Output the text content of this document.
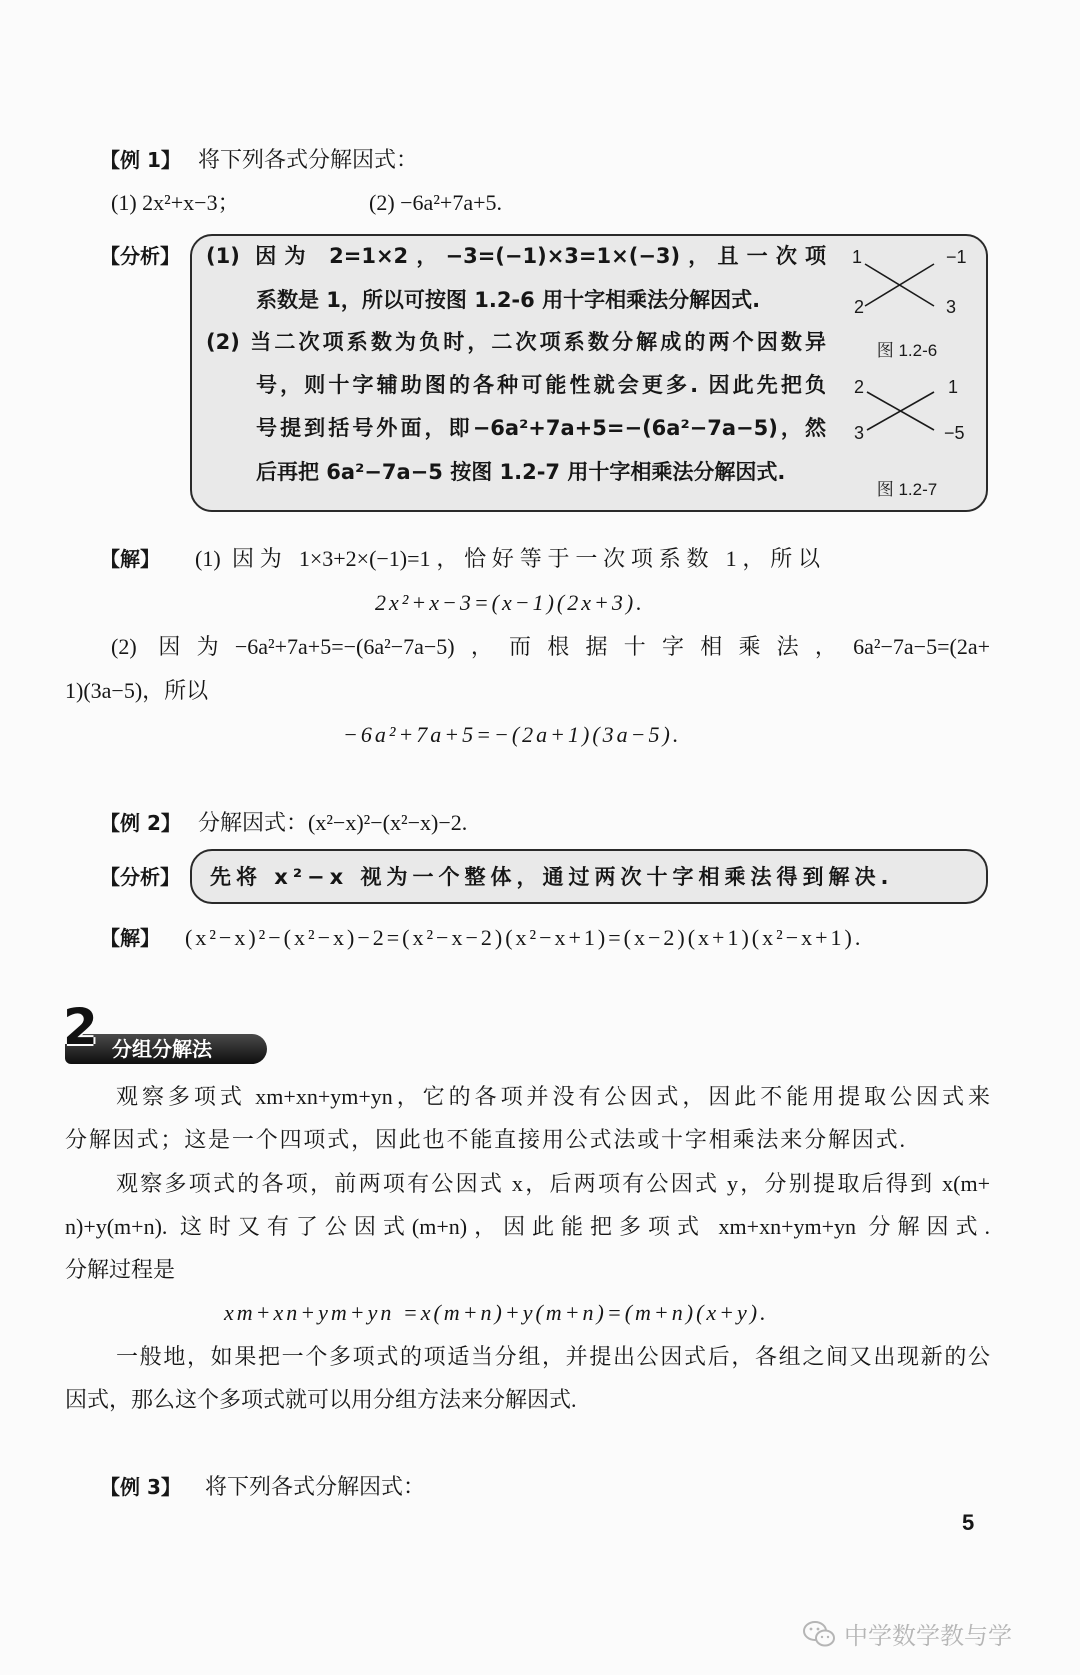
【例 1】 将下列各式分解因式：
(1) 2x²+x−3；	(2) −6a²+7a+5.
【分析】 (1) 因为 2=1×2，−3=(−1)×3=1×(−3)，且一次项
系数是 1，所以可按图 1.2-6 用十字相乘法分解因式.
(2) 当二次项系数为负时，二次项系数分解成的两个因数异
号，则十字辅助图的各种可能性就会更多. 因此先把负
号提到括号外面，即−6a²+7a+5=−(6a²−7a−5)，然
后再把 6a²−7a−5 按图 1.2-7 用十字相乘法分解因式.
1
2
−1
3
图 1.2-6
2
3
1
−5
图 1.2-7
【解】 (1) 因为 1×3+2×(−1)=1，恰好等于一次项系数 1，所以
2x²+x−3=(x−1)(2x+3).
(2) 因为−6a²+7a+5=−(6a²−7a−5)，而根据十字相乘法，6a²−7a−5=(2a+
1)(3a−5)，所以
−6a²+7a+5=−(2a+1)(3a−5).
【例 2】 分解因式：(x²−x)²−(x²−x)−2.
【分析】 先将 x²−x 视为一个整体，通过两次十字相乘法得到解决.
【解】 (x²−x)²−(x²−x)−2=(x²−x−2)(x²−x+1)=(x−2)(x+1)(x²−x+1).
2 分组分解法
观察多项式 xm+xn+ym+yn，它的各项并没有公因式，因此不能用提取公因式来
分解因式；这是一个四项式，因此也不能直接用公式法或十字相乘法来分解因式.
观察多项式的各项，前两项有公因式 x，后两项有公因式 y，分别提取后得到 x(m+
n)+y(m+n). 这时又有了公因式(m+n)，因此能把多项式 xm+xn+ym+yn 分解因式.
分解过程是
xm+xn+ym+yn =x(m+n)+y(m+n)=(m+n)(x+y).
一般地，如果把一个多项式的项适当分组，并提出公因式后，各组之间又出现新的公
因式，那么这个多项式就可以用分组方法来分解因式.
【例 3】 将下列各式分解因式：
5
中学数学教与学
